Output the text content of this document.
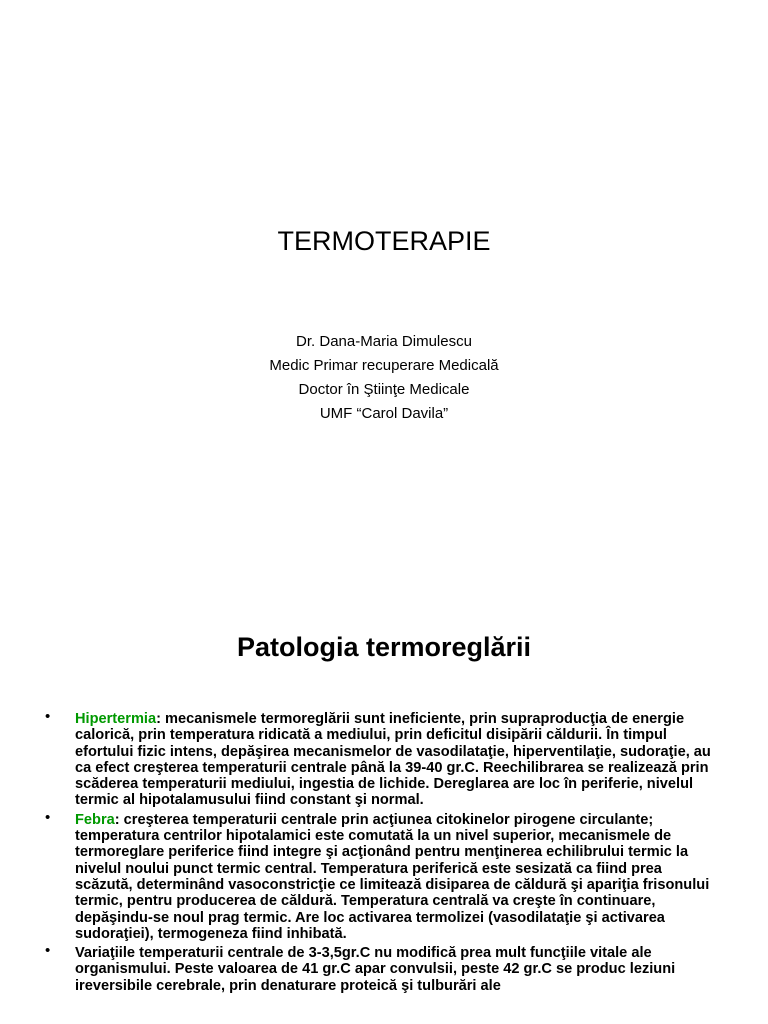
TERMOTERAPIE
Dr. Dana-Maria Dimulescu
Medic Primar recuperare Medicală
Doctor în Ştiinţe Medicale
UMF “Carol Davila”
Patologia termoreglării
• Hipertermia: mecanismele termoreglării sunt ineficiente, prin supraproducţia de energie calorică, prin temperatura ridicată a mediului, prin deficitul disipării căldurii. În timpul efortului fizic intens, depăşirea mecanismelor de vasodilataţie, hiperventilaţie, sudoraţie, au ca efect creşterea temperaturii centrale până la 39-40 gr.C. Reechilibrarea se realizează prin scăderea temperaturii mediului, ingestia de lichide. Dereglarea are loc în periferie, nivelul termic al hipotalamusului fiind constant şi normal.
• Febra: creşterea temperaturii centrale prin acţiunea citokinelor pirogene circulante; temperatura centrilor hipotalamici este comutată la un nivel superior, mecanismele de termoreglare periferice fiind integre şi acţionând pentru menţinerea echilibrului termic la nivelul noului punct termic central. Temperatura periferică este sesizată ca fiind prea scăzută, determinând vasoconstricţie ce limitează disiparea de căldură şi apariţia frisonului termic, pentru producerea de căldură. Temperatura centrală va creşte în continuare, depăşindu-se noul prag termic. Are loc activarea termolizei (vasodilataţie şi activarea sudoraţiei), termogeneza fiind inhibată.
• Variaţiile temperaturii centrale de 3-3,5gr.C nu modifică prea mult funcţiile vitale ale organismului. Peste valoarea de 41 gr.C apar convulsii, peste 42 gr.C se produc leziuni ireversibile cerebrale, prin denaturare proteică şi tulburări ale
